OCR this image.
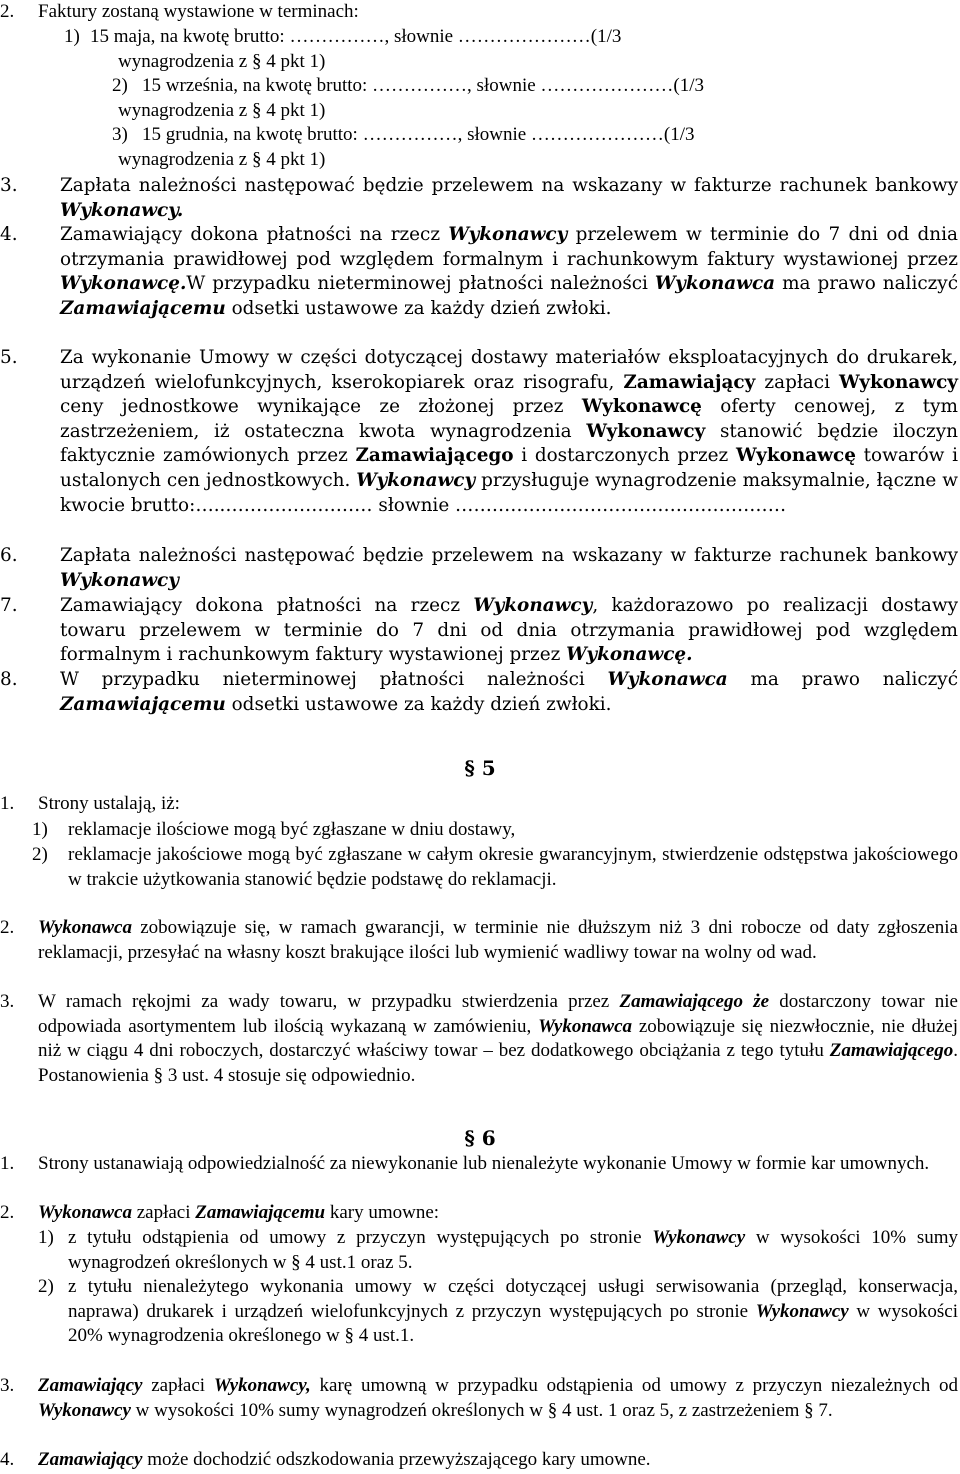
2. Faktury zostaną wystawione w terminach:
1) 15 maja, na kwotę brutto: ……………, słownie …………………(1/3
wynagrodzenia z § 4 pkt 1)
2) 15 września, na kwotę brutto: ……………, słownie …………………(1/3
wynagrodzenia z § 4 pkt 1)
3) 15 grudnia, na kwotę brutto: ……………, słownie …………………(1/3
wynagrodzenia z § 4 pkt 1)
3. Zapłata należności następować będzie przelewem na wskazany w fakturze rachunek bankowy Wykonawcy.
4. Zamawiający dokona płatności na rzecz Wykonawcy przelewem w terminie do 7 dni od dnia otrzymania prawidłowej pod względem formalnym i rachunkowym faktury wystawionej przez Wykonawcę.W przypadku nieterminowej płatności należności Wykonawca ma prawo naliczyć Zamawiającemu odsetki ustawowe za każdy dzień zwłoki.
5. Za wykonanie Umowy w części dotyczącej dostawy materiałów eksploatacyjnych do drukarek, urządzeń wielofunkcyjnych, kserokopiarek oraz risografu, Zamawiający zapłaci Wykonawcy ceny jednostkowe wynikające ze złożonej przez Wykonawcę oferty cenowej, z tym zastrzeżeniem, iż ostateczna kwota wynagrodzenia Wykonawcy stanowić będzie iloczyn faktycznie zamówionych przez Zamawiającego i dostarczonych przez Wykonawcę towarów i ustalonych cen jednostkowych. Wykonawcy przysługuje wynagrodzenie maksymalnie, łączne w kwocie brutto:…..…………………… słownie ………………………………………………
6. Zapłata należności następować będzie przelewem na wskazany w fakturze rachunek bankowy Wykonawcy
7. Zamawiający dokona płatności na rzecz Wykonawcy, każdorazowo po realizacji dostawy towaru przelewem w terminie do 7 dni od dnia otrzymania prawidłowej pod względem formalnym i rachunkowym faktury wystawionej przez Wykonawcę.
8. W przypadku nieterminowej płatności należności Wykonawca ma prawo naliczyć Zamawiającemu odsetki ustawowe za każdy dzień zwłoki.
§ 5
1. Strony ustalają, iż:
1) reklamacje ilościowe mogą być zgłaszane w dniu dostawy,
2) reklamacje jakościowe mogą być zgłaszane w całym okresie gwarancyjnym, stwierdzenie odstępstwa jakościowego w trakcie użytkowania stanowić będzie podstawę do reklamacji.
2. Wykonawca zobowiązuje się, w ramach gwarancji, w terminie nie dłuższym niż 3 dni robocze od daty zgłoszenia reklamacji, przesyłać na własny koszt brakujące ilości lub wymienić wadliwy towar na wolny od wad.
3. W ramach rękojmi za wady towaru, w przypadku stwierdzenia przez Zamawiającego że dostarczony towar nie odpowiada asortymentem lub ilością wykazaną w zamówieniu, Wykonawca zobowiązuje się niezwłocznie, nie dłużej niż w ciągu 4 dni roboczych, dostarczyć właściwy towar – bez dodatkowego obciążania z tego tytułu Zamawiającego. Postanowienia § 3 ust. 4 stosuje się odpowiednio.
§ 6
1. Strony ustanawiają odpowiedzialność za niewykonanie lub nienależyte wykonanie Umowy w formie kar umownych.
2. Wykonawca zapłaci Zamawiającemu kary umowne:
1) z tytułu odstąpienia od umowy z przyczyn występujących po stronie Wykonawcy w wysokości 10% sumy wynagrodzeń określonych w § 4 ust.1 oraz 5.
2) z tytułu nienależytego wykonania umowy w części dotyczącej usługi serwisowania (przegląd, konserwacja, naprawa) drukarek i urządzeń wielofunkcyjnych z przyczyn występujących po stronie Wykonawcy w wysokości 20% wynagrodzenia określonego w § 4 ust.1.
3. Zamawiający zapłaci Wykonawcy, karę umowną w przypadku odstąpienia od umowy z przyczyn niezależnych od Wykonawcy w wysokości 10% sumy wynagrodzeń określonych w § 4 ust. 1 oraz 5, z zastrzeżeniem § 7.
4. Zamawiający może dochodzić odszkodowania przewyższającego kary umowne.
